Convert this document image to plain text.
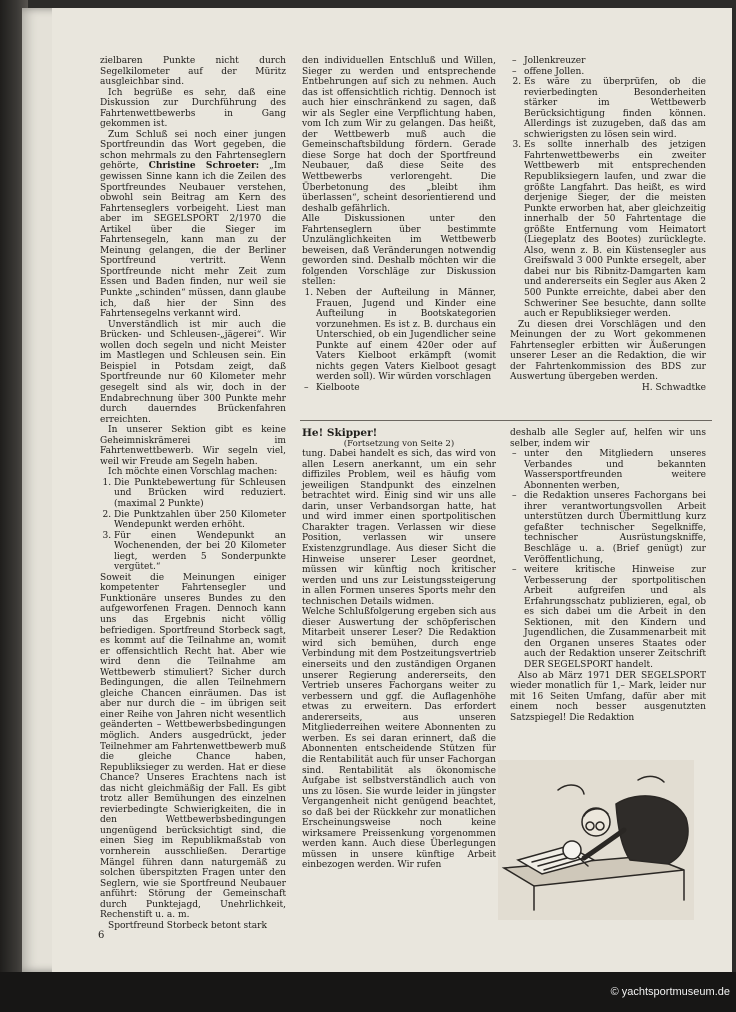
zielbaren Punkte nicht durch Segelkilometer auf der Müritz ausgleichbar sind.

Ich begrüße es sehr, daß eine Diskussion zur Durchführung des Fahrtenwettbewerbs in Gang gekommen ist.

Zum Schluß sei noch einer jungen Sportfreundin das Wort gegeben, die schon mehrmals zu den Fahrtenseglern gehörte, Christine Schroeter: „Im gewissen Sinne kann ich die Zeilen des Sportfreundes Neubauer verstehen, obwohl sein Beitrag am Kern des Fahrtenseglers vorbeigeht. Liest man aber im SEGELSPORT 2/1970 die Artikel über die Sieger im Fahrtensegeln, kann man zu der Meinung gelangen, die der Berliner Sportfreund vertritt. Wenn Sportfreunde nicht mehr Zeit zum Essen und Baden finden, nur weil sie Punkte „schinden“ müssen, dann glaube ich, daß hier der Sinn des Fahrtensegelns verkannt wird.

Unverständlich ist mir auch die Brücken- und Schleusen-„jägerei“. Wir wollen doch segeln und nicht Meister im Mastlegen und Schleusen sein. Ein Beispiel in Potsdam zeigt, daß Sportfreunde nur 60 Kilometer mehr gesegelt sind als wir, doch in der Endabrechnung über 300 Punkte mehr durch dauerndes Brückenfahren erreichten.

In unserer Sektion gibt es keine Geheimniskrämerei im Fahrtenwettbewerb. Wir segeln viel, weil wir Freude am Segeln haben.

Ich möchte einen Vorschlag machen:

1. Die Punktebewertung für Schleusen und Brücken wird reduziert. (maximal 2 Punkte)
2. Die Punktzahlen über 250 Kilometer Wendepunkt werden erhöht.
3. Für einen Wendepunkt an Wochenenden, der bei 20 Kilometer liegt, werden 5 Sonderpunkte vergütet.“

Soweit die Meinungen einiger kompetenter Fahrtensegler und Funktionäre unseres Bundes zu den aufgeworfenen Fragen. Dennoch kann uns das Ergebnis nicht völlig befriedigen. Sportfreund Storbeck sagt, es kommt auf die Teilnahme an, womit er offensichtlich Recht hat. Aber wie wird denn die Teilnahme am Wettbewerb stimuliert? Sicher durch Bedingungen, die allen Teilnehmern gleiche Chancen einräumen. Das ist aber nur durch die – im übrigen seit einer Reihe von Jahren nicht wesentlich geänderten – Wettbewerbsbedingungen möglich. Anders ausgedrückt, jeder Teilnehmer am Fahrtenwettbewerb muß die gleiche Chance haben, Republiksieger zu werden. Hat er diese Chance? Unseres Erachtens nach ist das nicht gleichmäßig der Fall. Es gibt trotz aller Bemühungen des einzelnen revierbedingte Schwierigkeiten, die in den Wettbewerbsbedingungen ungenügend berücksichtigt sind, die einen Sieg im Republikmaßstab von vornherein ausschließen. Derartige Mängel führen dann naturgemäß zu solchen überspitzten Fragen unter den Seglern, wie sie Sportfreund Neubauer anführt: Störung der Gemeinschaft durch Punktejagd, Unehrlichkeit, Rechenstift u. a. m.

Sportfreund Storbeck betont stark

den individuellen Entschluß und Willen, Sieger zu werden und entsprechende Entbehrungen auf sich zu nehmen. Auch das ist offensichtlich richtig. Dennoch ist auch hier einschränkend zu sagen, daß wir als Segler eine Verpflichtung haben, vom Ich zum Wir zu gelangen. Das heißt, der Wettbewerb muß auch die Gemeinschaftsbildung fördern. Gerade diese Sorge hat doch der Sportfreund Neubauer, daß diese Seite des Wettbewerbs verlorengeht. Die Überbetonung des „bleibt ihm überlassen“, scheint desorientierend und deshalb gefährlich.

Alle Diskussionen unter den Fahrtenseglern über bestimmte Unzulänglichkeiten im Wettbewerb beweisen, daß Veränderungen notwendig geworden sind. Deshalb möchten wir die folgenden Vorschläge zur Diskussion stellen:

1. Neben der Aufteilung in Männer, Frauen, Jugend und Kinder eine Aufteilung in Bootskategorien vorzunehmen. Es ist z. B. durchaus ein Unterschied, ob ein Jugendlicher seine Punkte auf einem 420er oder auf Vaters Kielboot erkämpft (womit nichts gegen Vaters Kielboot gesagt werden soll). Wir würden vorschlagen
– Kielboote
– Jollenkreuzer
– offene Jollen.
2. Es wäre zu überprüfen, ob die revierbedingten Besonderheiten stärker im Wettbewerb Berücksichtigung finden können. Allerdings ist zuzugeben, daß das am schwierigsten zu lösen sein wird.
3. Es sollte innerhalb des jetzigen Fahrtenwettbewerbs ein zweiter Wettbewerb mit entsprechenden Republiksiegern laufen, und zwar die größte Langfahrt. Das heißt, es wird derjenige Sieger, der die meisten Punkte erworben hat, aber gleichzeitig innerhalb der 50 Fahrtentage die größte Entfernung vom Heimatort (Liegeplatz des Bootes) zurücklegte. Also, wenn z. B. ein Küstensegler aus Greifswald 3 000 Punkte ersegelt, aber dabei nur bis Ribnitz-Damgarten kam und andererseits ein Segler aus Aken 2 500 Punkte erreichte, dabei aber den Schweriner See besuchte, dann sollte auch er Republiksieger werden.

Zu diesen drei Vorschlägen und den Meinungen der zu Wort gekommenen Fahrtensegler erbitten wir Äußerungen unserer Leser an die Redaktion, die wir der Fahrtenkommission des BDS zur Auswertung übergeben werden.

H. Schwadtke

He! Skipper!

(Fortsetzung von Seite 2)

tung. Dabei handelt es sich, das wird von allen Lesern anerkannt, um ein sehr diffiziles Problem, weil es häufig vom jeweiligen Standpunkt des einzelnen betrachtet wird. Einig sind wir uns alle darin, unser Verbandsorgan hatte, hat und wird immer einen sportpolitischen Charakter tragen. Verlassen wir diese Position, verlassen wir unsere Existenzgrundlage. Aus dieser Sicht die Hinweise unserer Leser geordnet, müssen wir künftig noch kritischer werden und uns zur Leistungssteigerung in allen Formen unseres Sports mehr den technischen Details widmen.

Welche Schlußfolgerung ergeben sich aus dieser Auswertung der schöpferischen Mitarbeit unserer Leser? Die Redaktion wird sich bemühen, durch enge Verbindung mit dem Postzeitungsvertrieb einerseits und den zuständigen Organen unserer Regierung andererseits, den Vertrieb unseres Fachorgans weiter zu verbessern und ggf. die Auflagenhöhe etwas zu erweitern. Das erfordert andererseits, aus unseren Mitgliederreihen weitere Abonnenten zu werben. Es sei daran erinnert, daß die Abonnenten entscheidende Stützen für die Rentabilität auch für unser Fachorgan sind. Rentabilität als ökonomische Aufgabe ist selbstverständlich auch von uns zu lösen. Sie wurde leider in jüngster Vergangenheit nicht genügend beachtet, so daß bei der Rückkehr zur monatlichen Erscheinungsweise noch keine wirksamere Preissenkung vorgenommen werden kann. Auch diese Überlegungen müssen in unsere künftige Arbeit einbezogen werden. Wir rufen

deshalb alle Segler auf, helfen wir uns selber, indem wir

– unter den Mitgliedern unseres Verbandes und bekannten Wassersportfreunden weitere Abonnenten werben,
– die Redaktion unseres Fachorgans bei ihrer verantwortungsvollen Arbeit unterstützen durch Übermittlung kurz gefaßter technischer Segelkniffe, technischer Ausrüstungskniffe, Beschläge u. a. (Brief genügt) zur Veröffentlichung,
– weitere kritische Hinweise zur Verbesserung der sportpolitischen Arbeit aufgreifen und als Erfahrungsschatz publizieren, egal, ob es sich dabei um die Arbeit in den Sektionen, mit den Kindern und Jugendlichen, die Zusammenarbeit mit den Organen unseres Staates oder auch der Redaktion unserer Zeitschrift DER SEGELSPORT handelt.

Also ab März 1971 DER SEGELSPORT wieder monatlich für 1,– Mark, leider nur mit 16 Seiten Umfang, dafür aber mit einem noch besser ausgenutzten Satzspiegel! Die Redaktion

6
© yachtsportmuseum.de
